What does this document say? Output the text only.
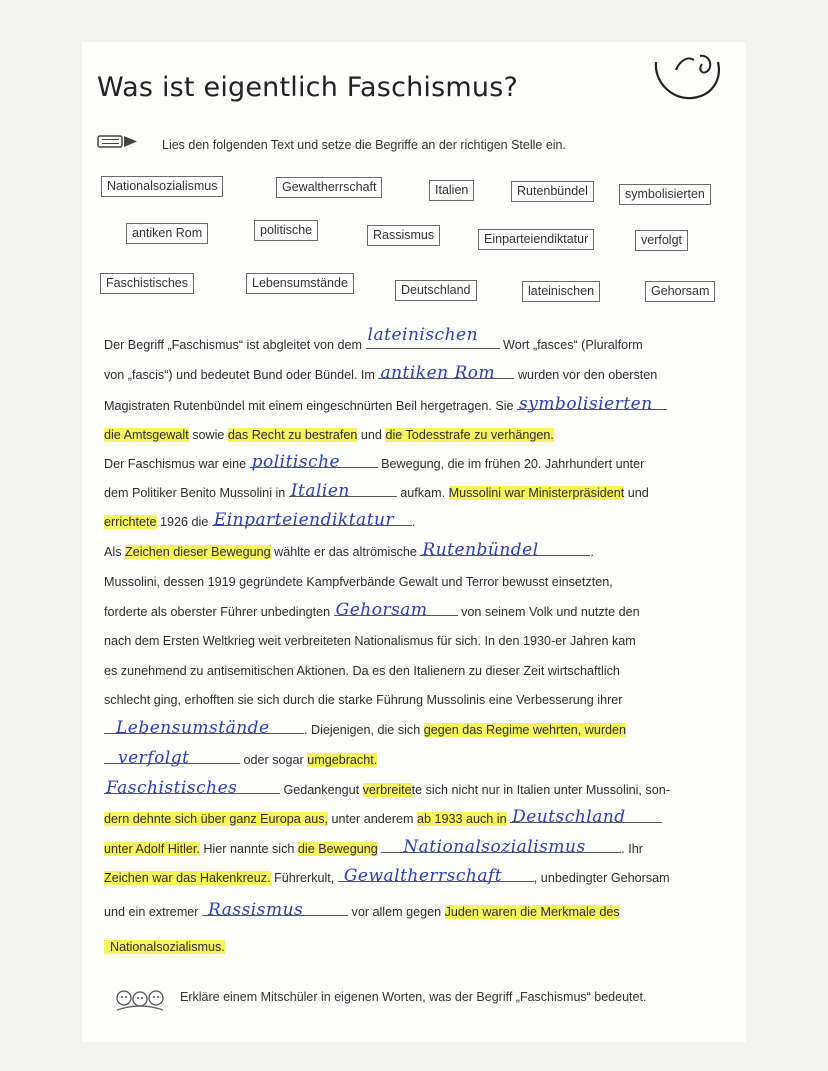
Was ist eigentlich Faschismus?
Lies den folgenden Text und setze die Begriffe an der richtigen Stelle ein.
Nationalsozialismus	Gewaltherrschaft	Italien	Rutenbündel	symbolisierten
antiken Rom	politische	Rassismus	Einparteiendiktatur	verfolgt
Faschistisches	Lebensumstände	Deutschland	lateinischen	Gehorsam
Der Begriff „Faschismus“ ist abgleitet von dem lateinischen Wort „fasces“ (Pluralform
von „fascis“) und bedeutet Bund oder Bündel. Im antiken Rom wurden vor den obersten
Magistraten Rutenbündel mit einem eingeschnürten Beil hergetragen. Sie symbolisierten
die Amtsgewalt sowie das Recht zu bestrafen und die Todesstrafe zu verhängen.
Der Faschismus war eine politische	Bewegung, die im frühen 20. Jahrhundert unter
dem Politiker Benito Mussolini in Italien	aufkam. Mussolini war Ministerpräsident und
errichtete 1926 die Einparteiendiktatur .
Als Zeichen dieser Bewegung wählte er das altrömische Rutenbündel	.
Mussolini, dessen 1919 gegründete Kampfverbände Gewalt und Terror bewusst einsetzten,
forderte als oberster Führer unbedingten Gehorsam	von seinem Volk und nutzte den
nach dem Ersten Weltkrieg weit verbreiteten Nationalismus für sich. In den 1930-er Jahren kam
es zunehmend zu antisemitischen Aktionen. Da es den Italienern zu dieser Zeit wirtschaftlich
schlecht ging, erhofften sie sich durch die starke Führung Mussolinis eine Verbesserung ihrer
Lebensumstände	. Diejenigen, die sich gegen das Regime wehrten, wurden
verfolgt	oder sogar umgebracht.
Faschistisches	Gedankengut verbreitete sich nicht nur in Italien unter Mussolini, son-
dern dehnte sich über ganz Europa aus, unter anderem ab 1933 auch in Deutschland
unter Adolf Hitler. Hier nannte sich die Bewegung Nationalsozialismus	. Ihr
Zeichen war das Hakenkreuz. Führerkult, Gewaltherrschaft	, unbedingter Gehorsam
und ein extremer Rassismus	vor allem gegen Juden waren die Merkmale des
Nationalsozialismus.
Erkläre einem Mitschüler in eigenen Worten, was der Begriff „Faschismus“ bedeutet.
